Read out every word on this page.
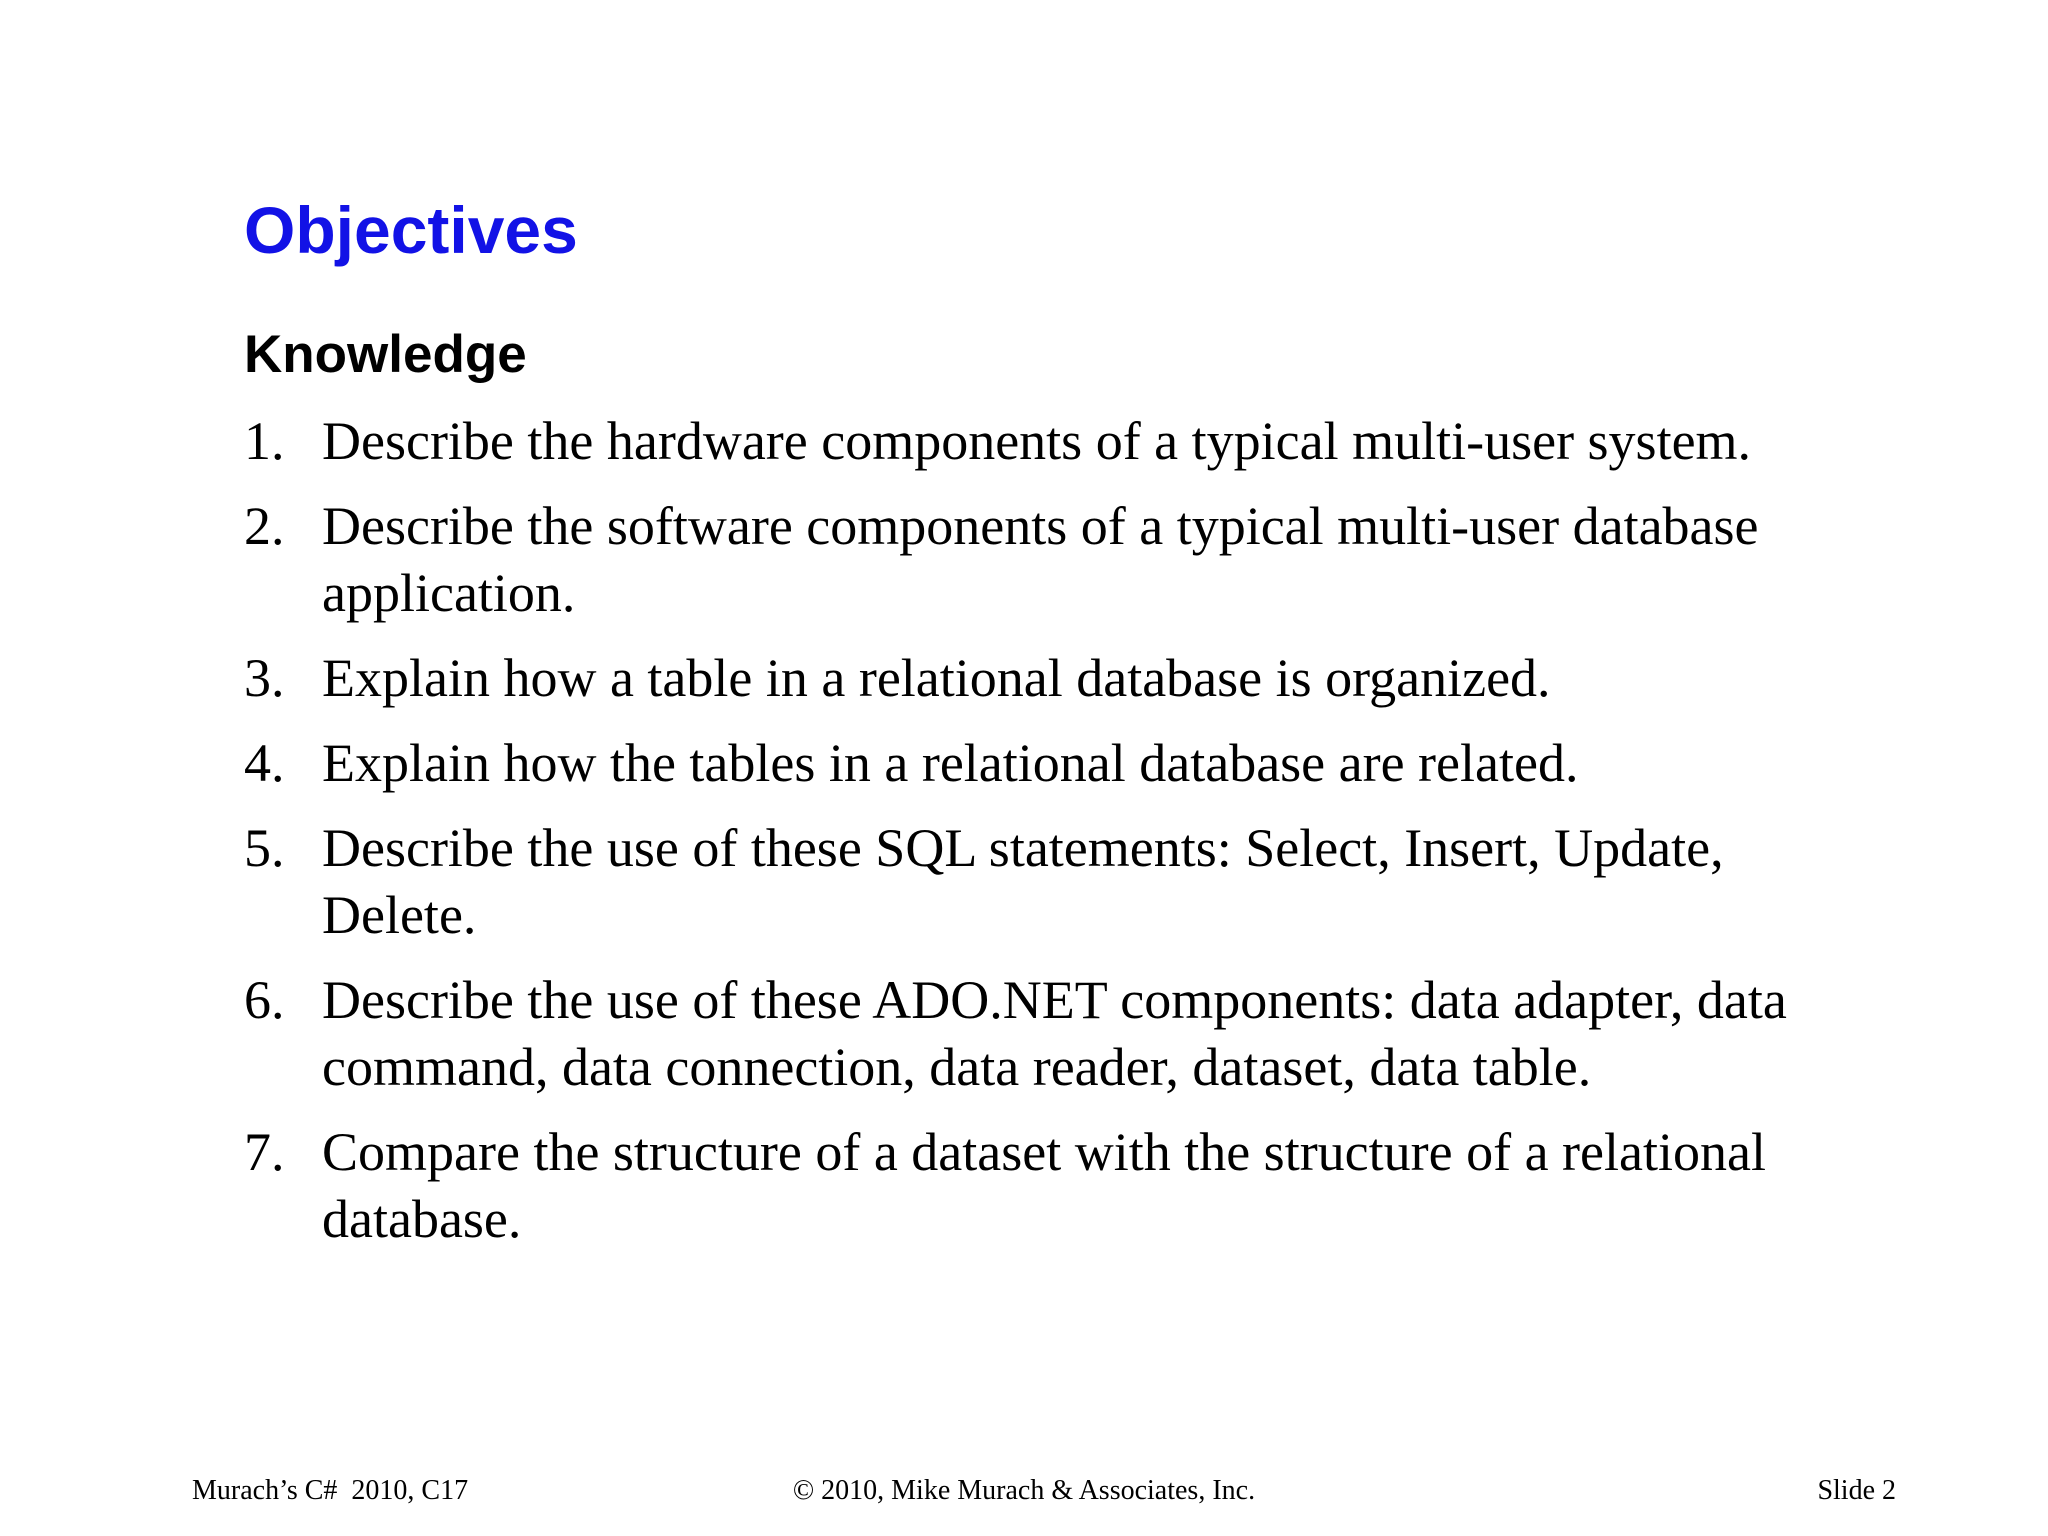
Objectives
Knowledge
1. Describe the hardware components of a typical multi-user system.
2. Describe the software components of a typical multi-user database application.
3. Explain how a table in a relational database is organized.
4. Explain how the tables in a relational database are related.
5. Describe the use of these SQL statements: Select, Insert, Update, Delete.
6. Describe the use of these ADO.NET components: data adapter, data command, data connection, data reader, dataset, data table.
7. Compare the structure of a dataset with the structure of a relational database.

Murach’s C#  2010, C17	© 2010, Mike Murach & Associates, Inc.	Slide 2
